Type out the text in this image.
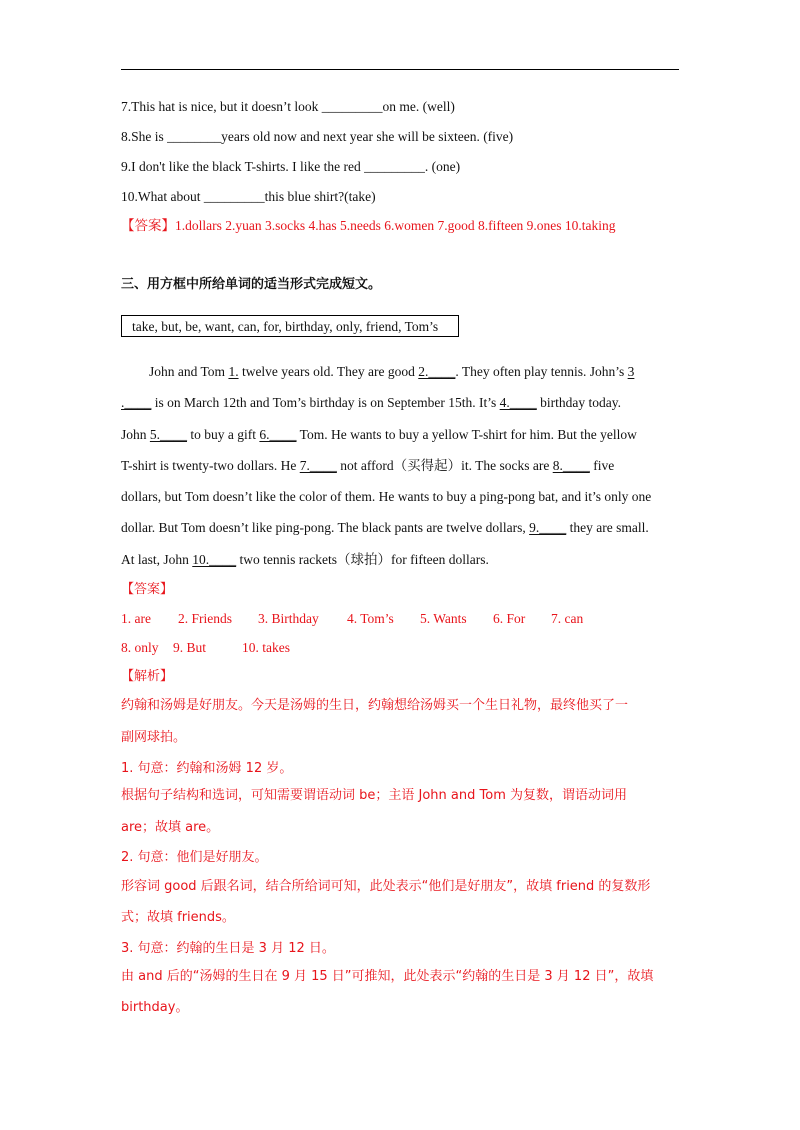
7.This hat is nice, but it doesn’t look _________on me. (well)
8.She is ________years old now and next year she will be sixteen. (five)
9.I don't like the black T-shirts. I like the red _________. (one)
10.What about _________this blue shirt?(take)
【答案】1.dollars 2.yuan 3.socks 4.has 5.needs 6.women 7.good 8.fifteen 9.ones 10.taking
三、用方框中所给单词的适当形式完成短文。
take, but, be, want, can, for, birthday, only, friend, Tom’s
John and Tom 1. twelve years old. They are good 2.____. They often play tennis. John’s 3
.____ is on March 12th and Tom’s birthday is on September 15th. It’s 4.____ birthday today.
John 5.____ to buy a gift 6.____ Tom. He wants to buy a yellow T-shirt for him. But the yellow
T-shirt is twenty-two dollars. He 7.____ not afford（买得起）it. The socks are 8.____ five
dollars, but Tom doesn’t like the color of them. He wants to buy a ping-pong bat, and it’s only one
dollar. But Tom doesn’t like ping-pong. The black pants are twelve dollars, 9.____ they are small.
At last, John 10.____ two tennis rackets（球拍）for fifteen dollars.
【答案】
1. are 2. Friends 3. Birthday 4. Tom’s 5. Wants 6. For 7. can
8. only 9. But	10. takes
【解析】
约翰和汤姆是好朋友。今天是汤姆的生日，约翰想给汤姆买一个生日礼物，最终他买了一
副网球拍。
1. 句意：约翰和汤姆 12 岁。
根据句子结构和选词，可知需要谓语动词 be；主语 John and Tom 为复数，谓语动词用
are；故填 are。
2. 句意：他们是好朋友。
形容词 good 后跟名词，结合所给词可知，此处表示“他们是好朋友”，故填 friend 的复数形
式；故填 friends。
3. 句意：约翰的生日是 3 月 12 日。
由 and 后的“汤姆的生日在 9 月 15 日”可推知，此处表示“约翰的生日是 3 月 12 日”，故填
birthday。
